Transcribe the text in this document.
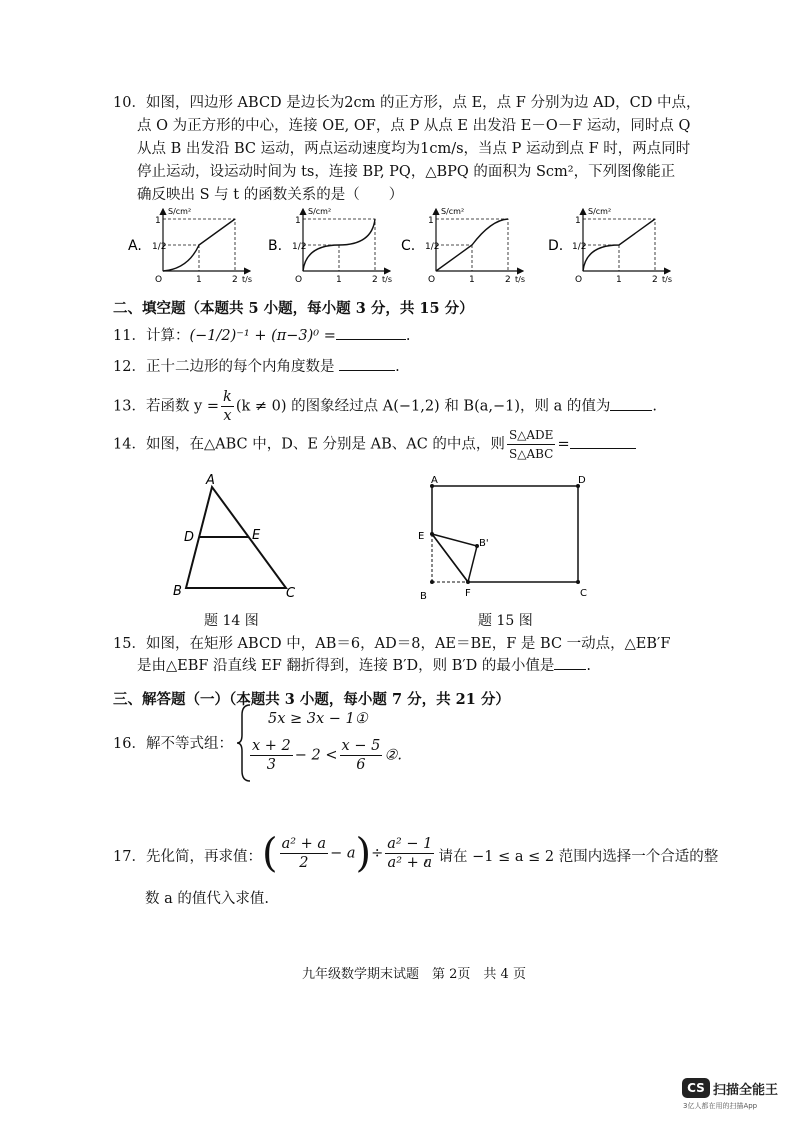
10．如图，四边形 ABCD 是边长为2cm 的正方形，点 E，点 F 分别为边 AD，CD 中点，
点 O 为正方形的中心，连接 OE, OF，点 P 从点 E 出发沿 E－O－F 运动，同时点 Q
从点 B 出发沿 BC 运动，两点运动速度均为1cm/s，当点 P 运动到点 F 时，两点同时
停止运动，设运动时间为 ts，连接 BP, PQ，△BPQ 的面积为 Scm²，下列图像能正
确反映出 S 与 t 的函数关系的是（　　）
A.
S/cm²
t/s
1
1/2
O	1	2
B.
S/cm²
t/s
1
1/2
O	1	2
C.
S/cm²
t/s
1
1/2
O	1	2
D.
S/cm²
t/s
1
1/2
O	1	2
二、填空题（本题共 5 小题，每小题 3 分，共 15 分）
11．计算：(−1/2)⁻¹ + (π−3)⁰ =	.
12．正十二边形的每个内角度数是	.
13．若函数 $y = \frac{k}{x} (k \ne 0)$ 的图象经过点 A(−1,2) 和 B(a,−1)，则 a 的值为	.
14．如图，在△ABC 中，D、E 分别是 AB、AC 的中点，则 $\frac{\text{S△ADE}}{\text{S△ABC}}$ =
A
D	E
B	C
题 14 图
A	D
E
B'
B	F	C
题 15 图
15．如图，在矩形 ABCD 中，AB＝6，AD＝8，AE＝BE，F 是 BC 一动点，△EB′F
是由△EBF 沿直线 EF 翻折得到，连接 B′D，则 B′D 的最小值是 .
三、解答题（一）（本题共 3 小题，每小题 7 分，共 21 分）
16．解不等式组：
5x ≥ 3x − 1①
$\frac{x + 2}{3} - 2 < \frac{x - 5}{6}$ ②.
17．先化简，再求值： ( $\frac{\text{a² + a}}{2} - a)\div \frac{\text{a² − 1}}{\text{a² + a}}$
，请在 −1 ≤ a ≤ 2 范围内选择一个合适的整
数 a 的值代入求值.
九年级数学期末试题　第 2页　共 4 页
CS 扫描全能王
3亿人都在用的扫描App
